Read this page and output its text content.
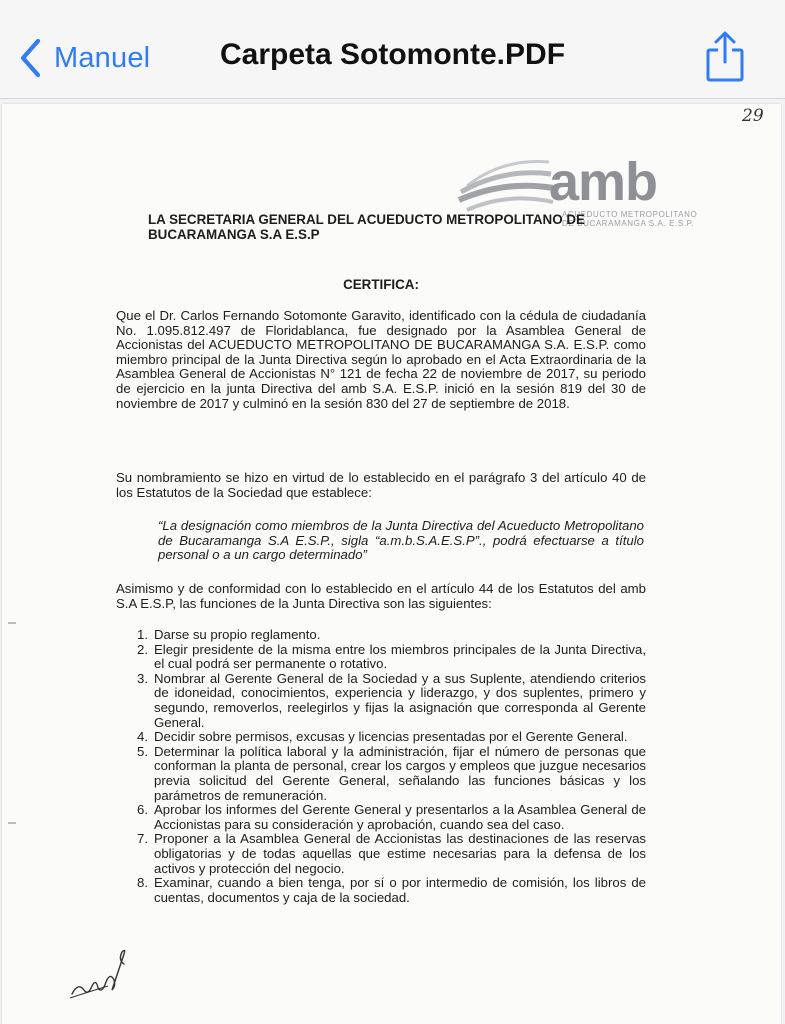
Manuel	Carpeta Sotomonte.PDF
29
amb
ACUEDUCTO METROPOLITANO
DE BUCARAMANGA S.A. E.S.P.
LA SECRETARIA GENERAL DEL ACUEDUCTO METROPOLITANO DE BUCARAMANGA S.A E.S.P
CERTIFICA:

Que el Dr. Carlos Fernando Sotomonte Garavito, identificado con la cédula de ciudadanía No. 1.095.812.497 de Floridablanca, fue designado por la Asamblea General de Accionistas del ACUEDUCTO METROPOLITANO DE BUCARAMANGA S.A. E.S.P. como miembro principal de la Junta Directiva según lo aprobado en el Acta Extraordinaria de la Asamblea General de Accionistas N° 121 de fecha 22 de noviembre de 2017, su periodo de ejercicio en la junta Directiva del amb S.A. E.S.P. inició en la sesión 819 del 30 de noviembre de 2017 y culminó en la sesión 830 del 27 de septiembre de 2018.

Su nombramiento se hizo en virtud de lo establecido en el parágrafo 3 del artículo 40 de los Estatutos de la Sociedad que establece:

“La designación como miembros de la Junta Directiva del Acueducto Metropolitano de Bucaramanga S.A E.S.P., sigla “a.m.b.S.A.E.S.P”., podrá efectuarse a título personal o a un cargo determinado”

Asimismo y de conformidad con lo establecido en el artículo 44 de los Estatutos del amb S.A E.S.P, las funciones de la Junta Directiva son las siguientes:

1. Darse su propio reglamento.
2. Elegir presidente de la misma entre los miembros principales de la Junta Directiva, el cual podrá ser permanente o rotativo.
3. Nombrar al Gerente General de la Sociedad y a sus Suplente, atendiendo criterios de idoneidad, conocimientos, experiencia y liderazgo, y dos suplentes, primero y segundo, removerlos, reelegirlos y fijas la asignación que corresponda al Gerente General.
4. Decidir sobre permisos, excusas y licencias presentadas por el Gerente General.
5. Determinar la política laboral y la administración, fijar el número de personas que conforman la planta de personal, crear los cargos y empleos que juzgue necesarios previa solicitud del Gerente General, señalando las funciones básicas y los parámetros de remuneración.
6. Aprobar los informes del Gerente General y presentarlos a la Asamblea General de Accionistas para su consideración y aprobación, cuando sea del caso.
7. Proponer a la Asamblea General de Accionistas las destinaciones de las reservas obligatorias y de todas aquellas que estime necesarias para la defensa de los activos y protección del negocio.
8. Examinar, cuando a bien tenga, por sí o por intermedio de comisión, los libros de cuentas, documentos y caja de la sociedad.
